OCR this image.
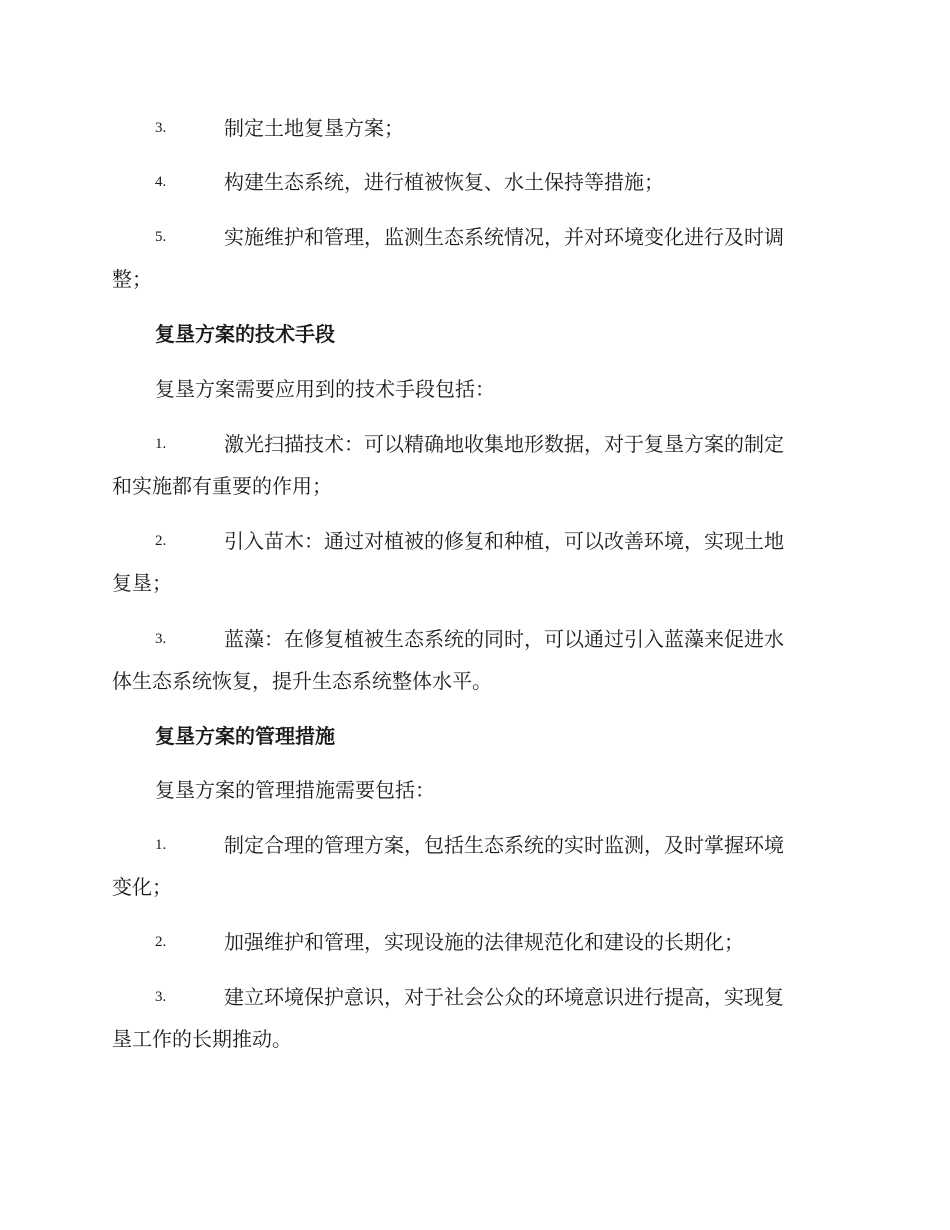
3.	制定土地复垦方案；
4.	构建生态系统，进行植被恢复、水土保持等措施；
5.	实施维护和管理，监测生态系统情况，并对环境变化进行及时调
整；
复垦方案的技术手段
复垦方案需要应用到的技术手段包括：
1.	激光扫描技术：可以精确地收集地形数据，对于复垦方案的制定
和实施都有重要的作用；
2.	引入苗木：通过对植被的修复和种植，可以改善环境，实现土地
复垦；
3.	蓝藻：在修复植被生态系统的同时，可以通过引入蓝藻来促进水
体生态系统恢复，提升生态系统整体水平。
复垦方案的管理措施
复垦方案的管理措施需要包括：
1.	制定合理的管理方案，包括生态系统的实时监测，及时掌握环境
变化；
2.	加强维护和管理，实现设施的法律规范化和建设的长期化；
3.	建立环境保护意识，对于社会公众的环境意识进行提高，实现复
垦工作的长期推动。
